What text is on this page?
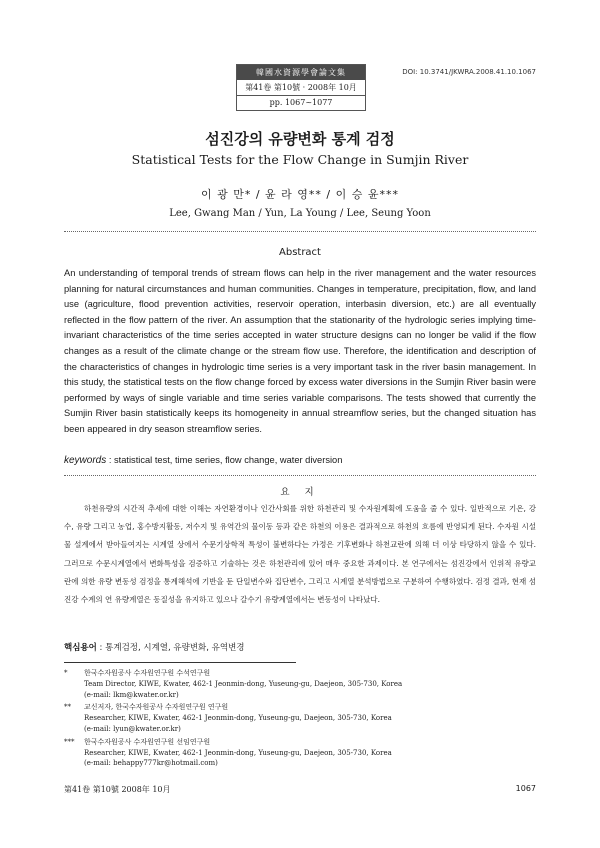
韓國水資源學會論文集
第41卷 第10號 · 2008年 10月
pp. 1067~1077
DOI: 10.3741/JKWRA.2008.41.10.1067
섬진강의 유량변화 통계 검정
Statistical Tests for the Flow Change in Sumjin River
이 광 만* / 윤 라 영** / 이 승 윤***
Lee, Gwang Man / Yun, La Young / Lee, Seung Yoon
Abstract
An understanding of temporal trends of stream flows can help in the river management and the water resources planning for natural circumstances and human communities. Changes in temperature, precipitation, flow, and land use (agriculture, flood prevention activities, reservoir operation, interbasin diversion, etc.) are all eventually reflected in the flow pattern of the river. An assumption that the stationarity of the hydrologic series implying time-invariant characteristics of the time series accepted in water structure designs can no longer be valid if the flow changes as a result of the climate change or the stream flow use. Therefore, the identification and description of the characteristics of changes in hydrologic time series is a very important task in the river basin management. In this study, the statistical tests on the flow change forced by excess water diversions in the Sumjin River basin were performed by ways of single variable and time series variable comparisons. The tests showed that currently the Sumjin River basin statistically keeps its homogeneity in annual streamflow series, but the changed situation has been appeared in dry season streamflow series.
keywords : statistical test, time series, flow change, water diversion
요 지

하천유량의 시간적 추세에 대한 이해는 자연환경이나 인간사회를 위한 하천관리 및 수자원계획에 도움을 줄 수 있다. 일반적으로 기온, 강수, 유량 그리고 농업, 홍수방지활동, 저수지 및 유역간의 물이동 등과 같은 하천의 이용은 결과적으로 하천의 흐름에 반영되게 된다. 수자원 시설물 설계에서 받아들여지는 시계열 상에서 수문기상학적 특성이 불변하다는 가정은 기후변화나 하천교란에 의해 더 이상 타당하지 않을 수 있다. 그러므로 수문시계열에서 변화특성을 검증하고 기술하는 것은 하천관리에 있어 매우 중요한 과제이다. 본 연구에서는 섬진강에서 인위적 유량교란에 의한 유량 변동성 검정을 통계해석에 기반을 둔 단일변수와 집단변수, 그리고 시계열 분석방법으로 구분하여 수행하였다. 검정 결과, 현재 섬진강 수계의 연 유량계열은 동질성을 유지하고 있으나 갈수기 유량계열에서는 변동성이 나타났다.

핵심용어 : 통계검정, 시계열, 유량변화, 유역변경
* 한국수자원공사 수자원연구원 수석연구원
Team Director, KIWE, Kwater, 462-1 Jeonmin-dong, Yuseung-gu, Daejeon, 305-730, Korea
(e-mail: lkm@kwater.or.kr)
** 교신저자, 한국수자원공사 수자원연구원 연구원
Researcher, KIWE, Kwater, 462-1 Jeonmin-dong, Yuseung-gu, Daejeon, 305-730, Korea
(e-mail: lyun@kwater.or.kr)
*** 한국수자원공사 수자원연구원 선임연구원
Researcher, KIWE, Kwater, 462-1 Jeonmin-dong, Yuseung-gu, Daejeon, 305-730, Korea
(e-mail: behappy777kr@hotmail.com)
第41卷 第10號 2008年 10月	1067
